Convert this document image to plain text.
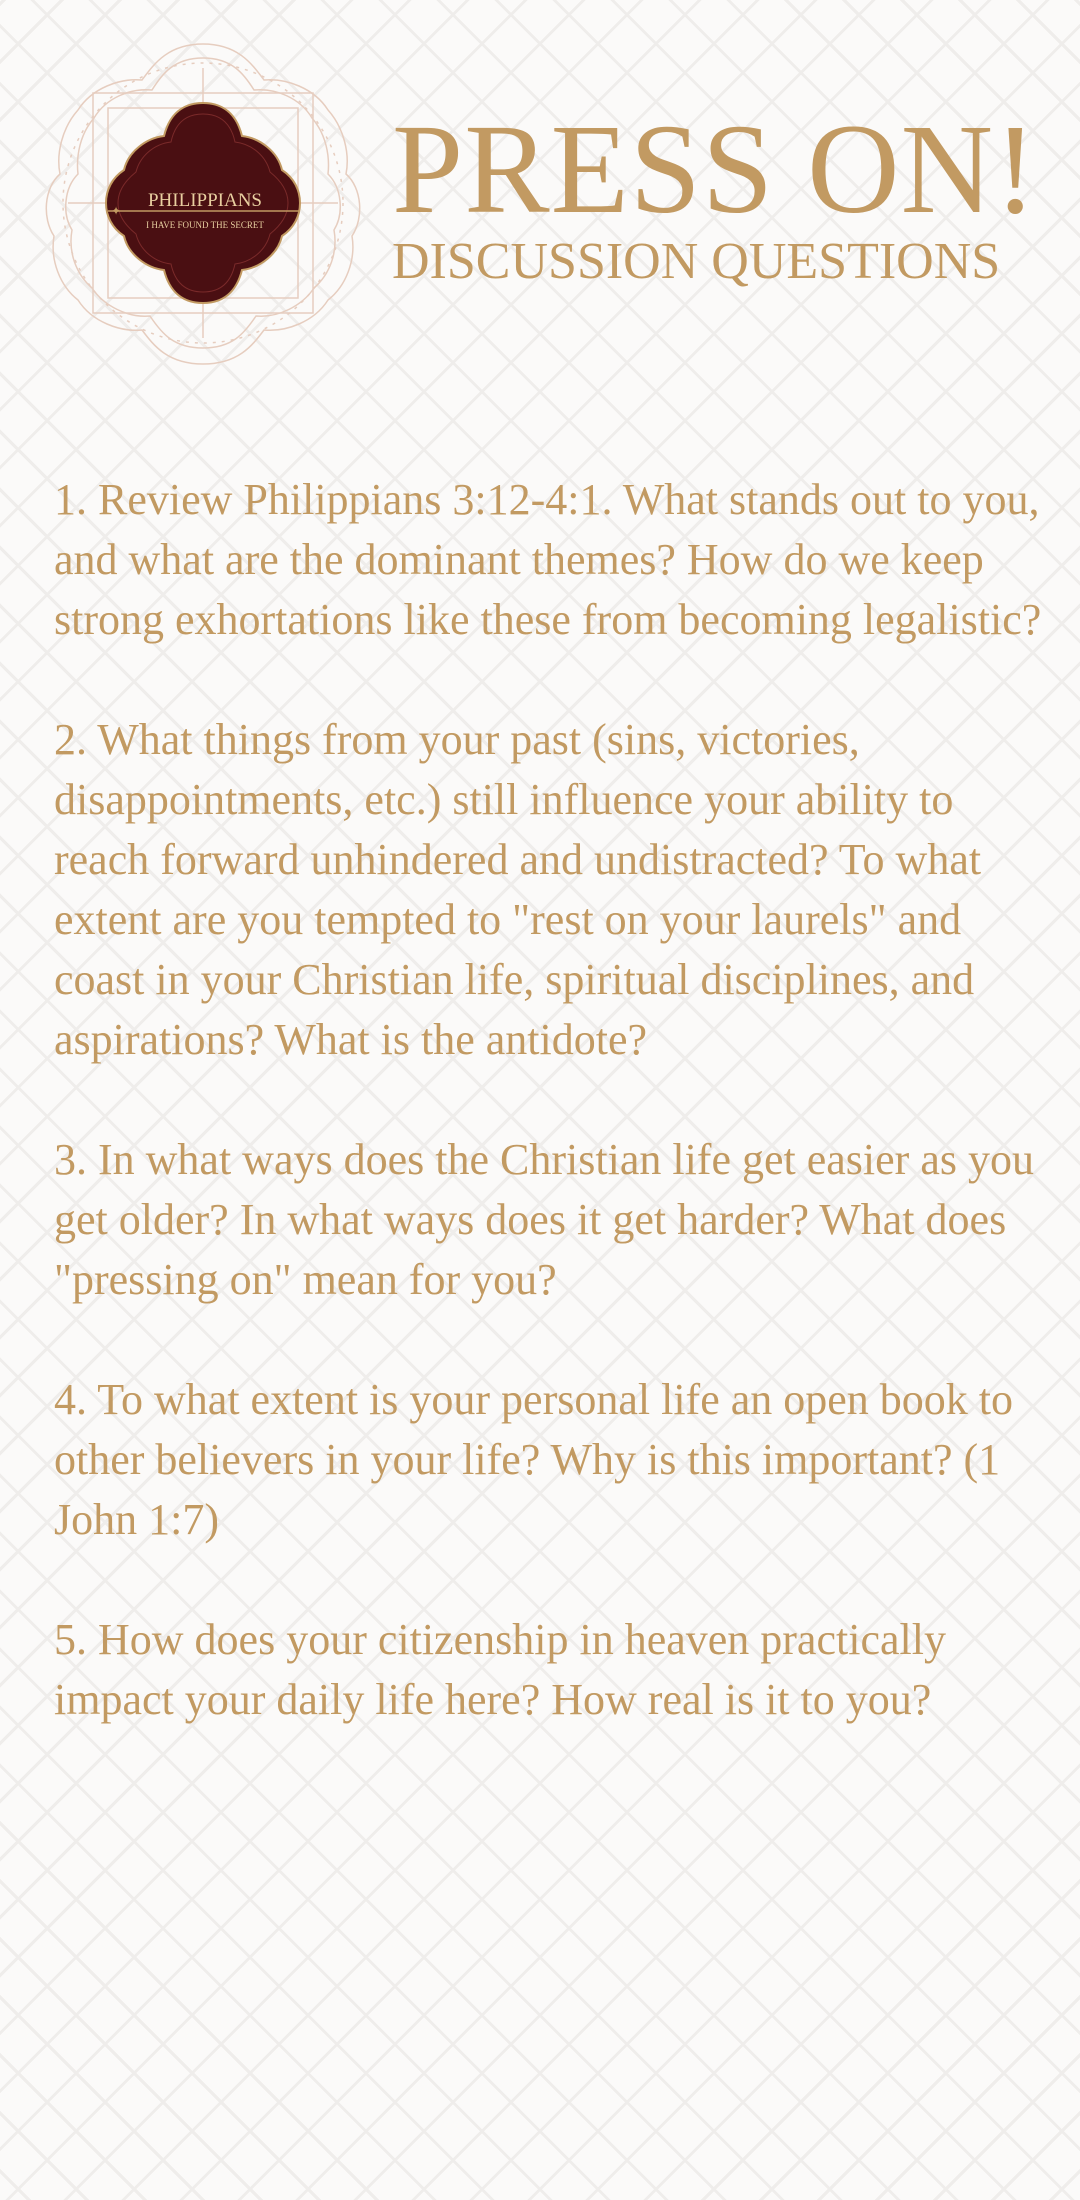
✦ PHILIPPIANS
I HAVE FOUND THE SECRET PRESS ON!
DISCUSSION QUESTIONS

1. Review Philippians 3:12-4:1. What stands out to you, and what are the dominant themes? How do we keep strong exhortations like these from becoming legalistic?

2. What things from your past (sins, victories, disappointments, etc.) still influence your ability to reach forward unhindered and undistracted? To what extent are you tempted to "rest on your laurels" and coast in your Christian life, spiritual disciplines, and aspirations? What is the antidote?

3. In what ways does the Christian life get easier as you get older? In what ways does it get harder? What does "pressing on" mean for you?

4. To what extent is your personal life an open book to other believers in your life? Why is this important? (1 John 1:7)

5. How does your citizenship in heaven practically impact your daily life here? How real is it to you?
